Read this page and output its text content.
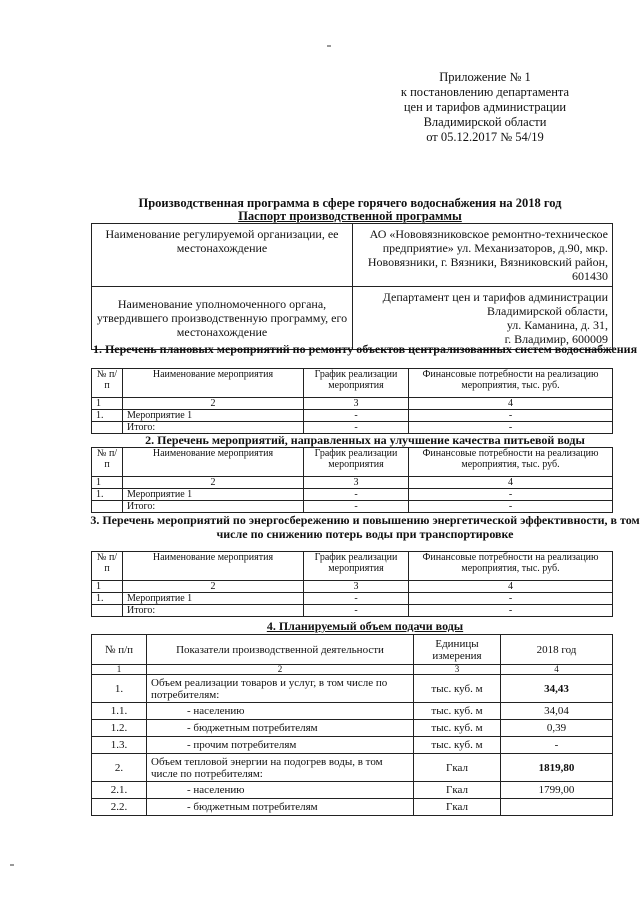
Приложение № 1
к постановлению департамента
цен и тарифов администрации
Владимирской области
от 05.12.2017 № 54/19
Производственная программа в сфере горячего водоснабжения на 2018 год
Паспорт производственной программы
Наименование регулируемой организации, ее местонахождение	АО «Нововязниковское ремонтно-техническое предприятие» ул. Механизаторов, д.90, мкр. Нововязники, г. Вязники, Вязниковский район, 601430
Наименование уполномоченного органа, утвердившего производственную программу, его местонахождение	Департамент цен и тарифов администрации
Владимирской области,
ул. Каманина, д. 31,
г. Владимир, 600009
1. Перечень плановых мероприятий по ремонту объектов централизованных систем водоснабжения
№ п/п	Наименование мероприятия	График реализации мероприятия	Финансовые потребности на реализацию мероприятия, тыс. руб.
1	2	3	4
1.	Мероприятие 1	-	-
	Итого:	-	-
2. Перечень мероприятий, направленных на улучшение качества питьевой воды
№ п/п	Наименование мероприятия	График реализации мероприятия	Финансовые потребности на реализацию мероприятия, тыс. руб.
1	2	3	4
1.	Мероприятие 1	-	-
	Итого:	-	-
3. Перечень мероприятий по энергосбережению и повышению энергетической эффективности, в том числе по снижению потерь воды при транспортировке
№ п/п	Наименование мероприятия	График реализации мероприятия	Финансовые потребности на реализацию мероприятия, тыс. руб.
1	2	3	4
1.	Мероприятие 1	-	-
	Итого:	-	-
4. Планируемый объем подачи воды
№ п/п	Показатели производственной деятельности	Единицы измерения	2018 год
1	2	3	4
1.	Объем реализации товаров и услуг, в том числе по потребителям:	тыс. куб. м	34,43
1.1.	- населению	тыс. куб. м	34,04
1.2.	- бюджетным потребителям	тыс. куб. м	0,39
1.3.	- прочим потребителям	тыс. куб. м	-
2.	Объем тепловой энергии на подогрев воды, в том числе по потребителям:	Гкал	1819,80
2.1.	- населению	Гкал	1799,00
2.2.	- бюджетным потребителям	Гкал	
